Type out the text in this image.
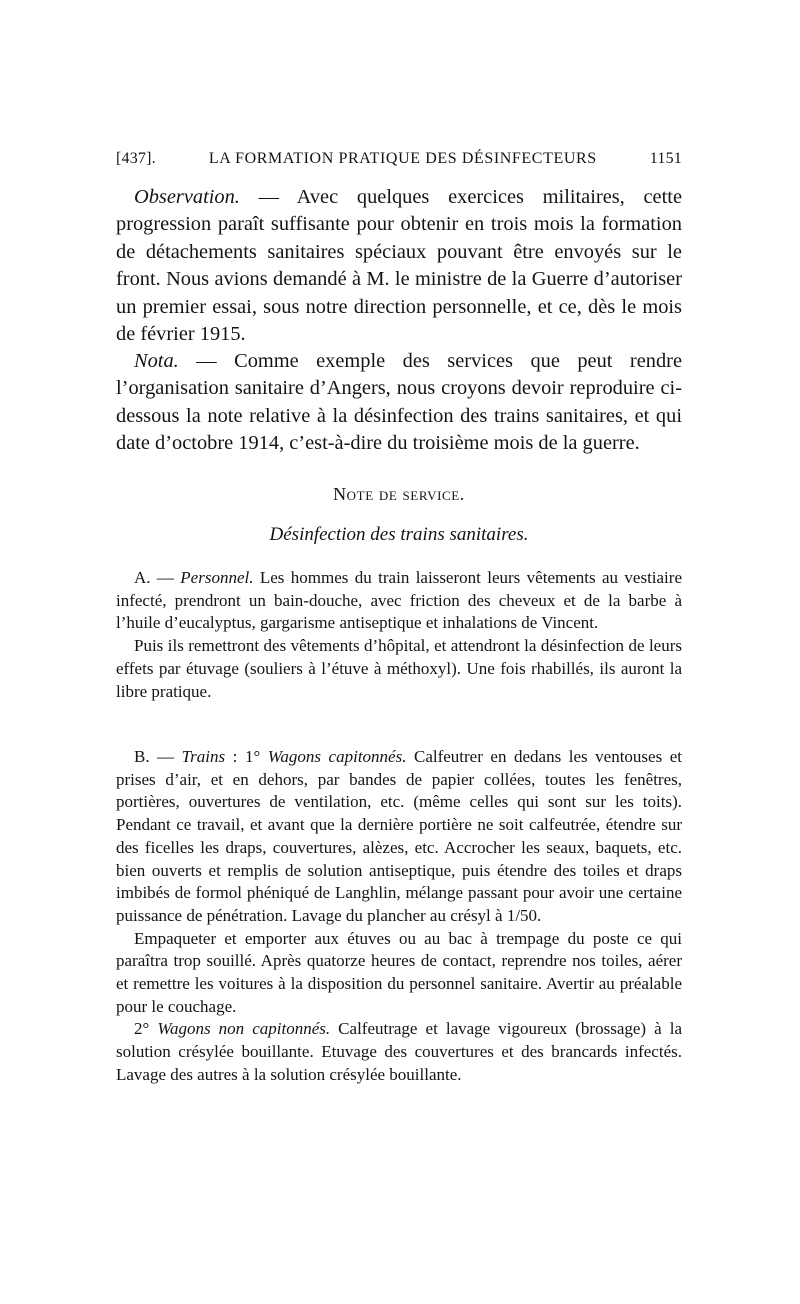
[437].	LA FORMATION PRATIQUE DES DÉSINFECTEURS	1151

Observation. — Avec quelques exercices militaires, cette progression paraît suffisante pour obtenir en trois mois la formation de détachements sanitaires spéciaux pouvant être envoyés sur le front. Nous avions demandé à M. le ministre de la Guerre d’autoriser un premier essai, sous notre direction personnelle, et ce, dès le mois de février 1915.

Nota. — Comme exemple des services que peut rendre l’organisation sanitaire d’Angers, nous croyons devoir reproduire ci-dessous la note relative à la désinfection des trains sanitaires, et qui date d’octobre 1914, c’est-à-dire du troisième mois de la guerre.

Note de service.

Désinfection des trains sanitaires.

A. — Personnel. Les hommes du train laisseront leurs vêtements au vestiaire infecté, prendront un bain-douche, avec friction des cheveux et de la barbe à l’huile d’eucalyptus, gargarisme antiseptique et inhalations de Vincent.

Puis ils remettront des vêtements d’hôpital, et attendront la désinfection de leurs effets par étuvage (souliers à l’étuve à méthoxyl). Une fois rhabillés, ils auront la libre pratique.

B. — Trains : 1° Wagons capitonnés. Calfeutrer en dedans les ventouses et prises d’air, et en dehors, par bandes de papier collées, toutes les fenêtres, portières, ouvertures de ventilation, etc. (même celles qui sont sur les toits). Pendant ce travail, et avant que la dernière portière ne soit calfeutrée, étendre sur des ficelles les draps, couvertures, alèzes, etc. Accrocher les seaux, baquets, etc. bien ouverts et remplis de solution antiseptique, puis étendre des toiles et draps imbibés de formol phéniqué de Langhlin, mélange passant pour avoir une certaine puissance de pénétration. Lavage du plancher au crésyl à 1/50.

Empaqueter et emporter aux étuves ou au bac à trempage du poste ce qui paraîtra trop souillé. Après quatorze heures de contact, reprendre nos toiles, aérer et remettre les voitures à la disposition du personnel sanitaire. Avertir au préalable pour le couchage.

2° Wagons non capitonnés. Calfeutrage et lavage vigoureux (brossage) à la solution crésylée bouillante. Etuvage des couvertures et des brancards infectés. Lavage des autres à la solution crésylée bouillante.
